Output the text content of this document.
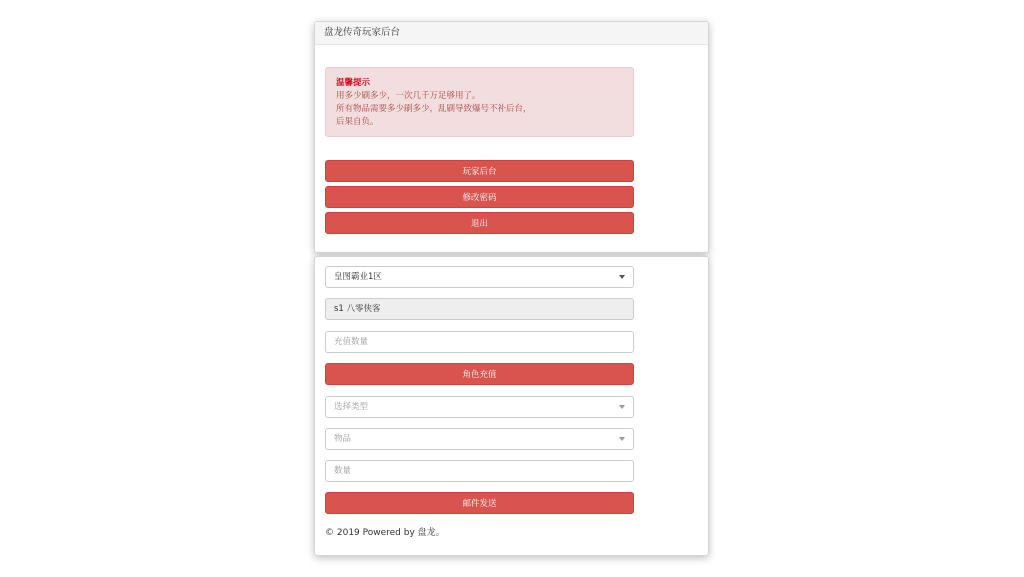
盘龙传奇玩家后台
温馨提示
用多少刷多少，一次几千万足够用了。
所有物品需要多少刷多少，乱刷导致爆号不补后台，
后果自负。
玩家后台
修改密码
退出
皇图霸业1区
s1 八零侠客
充值数量
角色充值
选择类型
物品
数量
邮件发送
© 2019 Powered by 盘龙。
